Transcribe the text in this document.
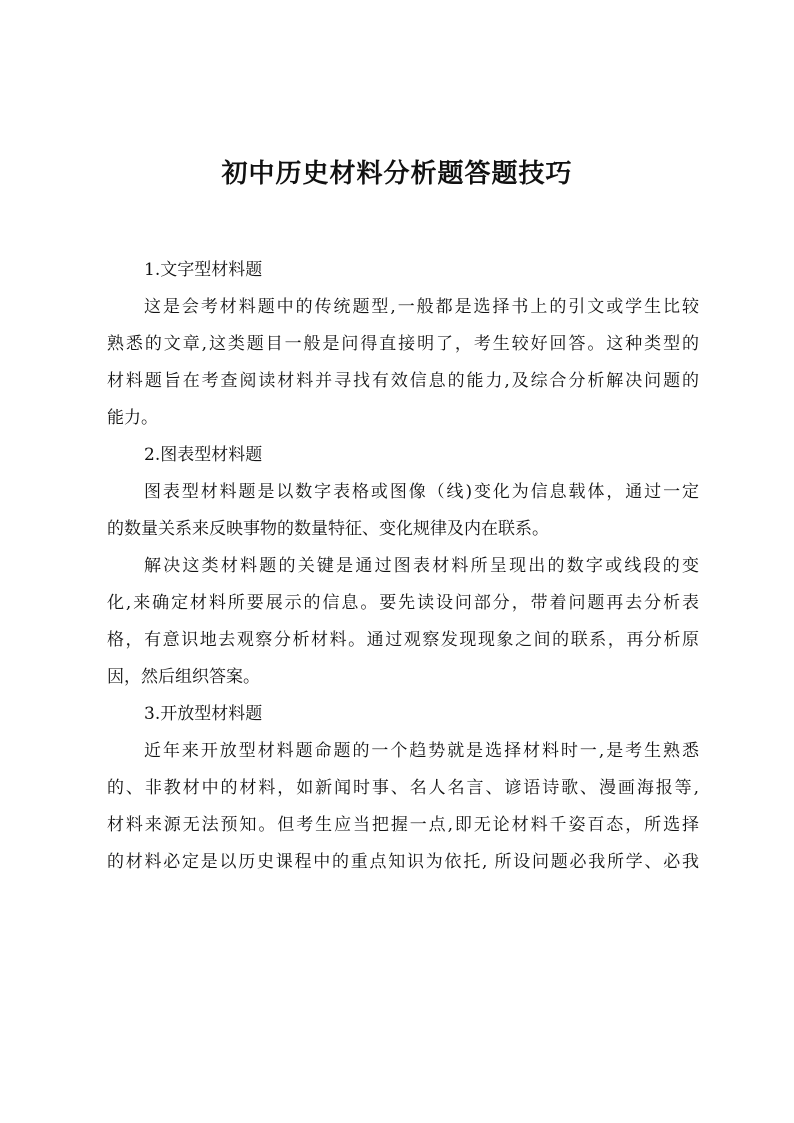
初中历史材料分析题答题技巧
1.文字型材料题
这是会考材料题中的传统题型,一般都是选择书上的引文或学生比较
熟悉的文章,这类题目一般是问得直接明了，考生较好回答。这种类型的
材料题旨在考查阅读材料并寻找有效信息的能力,及综合分析解决问题的
能力。
2.图表型材料题
图表型材料题是以数字表格或图像（线)变化为信息载体，通过一定
的数量关系来反映事物的数量特征、变化规律及内在联系。
解决这类材料题的关键是通过图表材料所呈现出的数字或线段的变
化,来确定材料所要展示的信息。要先读设问部分，带着问题再去分析表
格，有意识地去观察分析材料。通过观察发现现象之间的联系，再分析原
因，然后组织答案。
3.开放型材料题
近年来开放型材料题命题的一个趋势就是选择材料时一,是考生熟悉
的、非教材中的材料，如新闻时事、名人名言、谚语诗歌、漫画海报等,
材料来源无法预知。但考生应当把握一点,即无论材料千姿百态，所选择
的材料必定是以历史课程中的重点知识为依托, 所设问题必我所学、必我
